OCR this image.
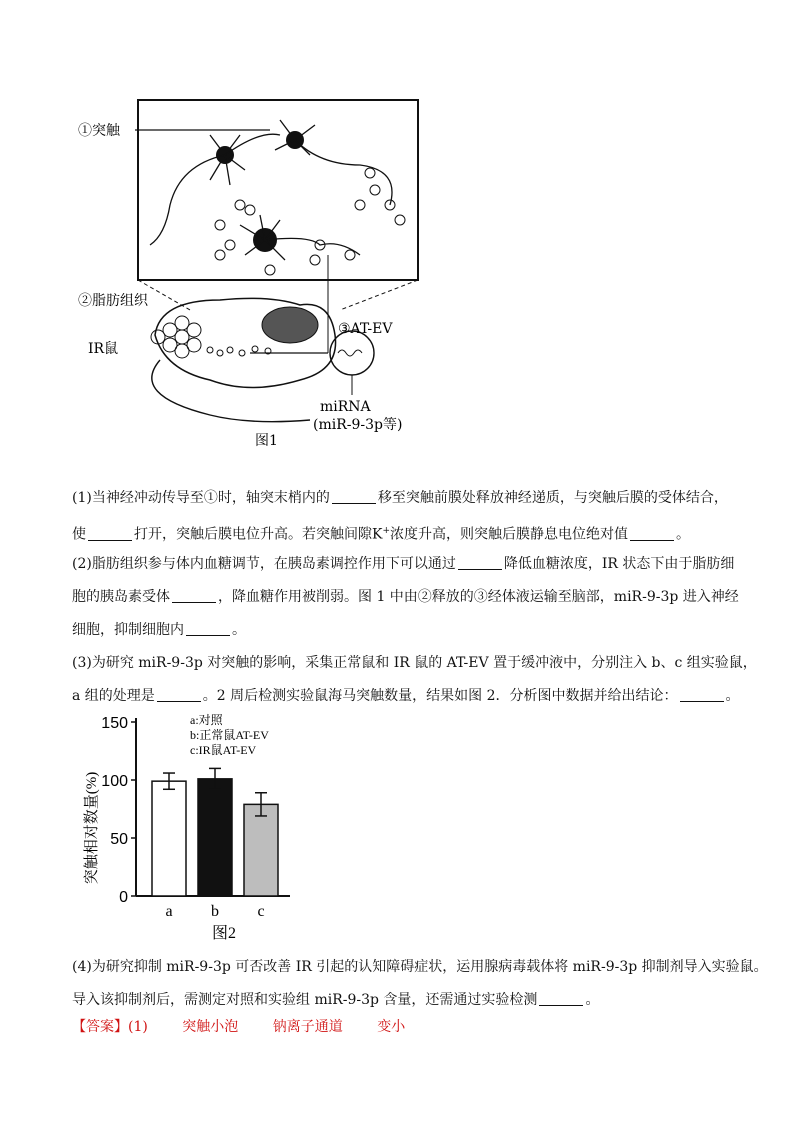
①突触
②脂肪组织
③AT-EV
IR鼠
miRNA
(miR-9-3p等)
图1
(1)当神经冲动传导至①时，轴突末梢内的	移至突触前膜处释放神经递质，与突触后膜的受体结合，
使	打开，突触后膜电位升高。若突触间隙K+浓度升高，则突触后膜静息电位绝对值	。
(2)脂肪组织参与体内血糖调节，在胰岛素调控作用下可以通过	降低血糖浓度，IR 状态下由于脂肪细
胞的胰岛素受体	，降血糖作用被削弱。图 1 中由②释放的③经体液运输至脑部，miR-9-3p 进入神经
细胞，抑制细胞内	。
(3)为研究 miR-9-3p 对突触的影响，采集正常鼠和 IR 鼠的 AT-EV 置于缓冲液中，分别注入 b、c 组实验鼠，
a 组的处理是	。2 周后检测实验鼠海马突触数量，结果如图 2．分析图中数据并给出结论：	。
突触相对数量(%)
0
50
100
150
a b c
a:对照
b:正常鼠AT-EV
c:IR鼠AT-EV
图2
(4)为研究抑制 miR-9-3p 可否改善 IR 引起的认知障碍症状，运用腺病毒载体将 miR-9-3p 抑制剂导入实验鼠。
导入该抑制剂后，需测定对照和实验组 miR-9-3p 含量，还需通过实验检测	。
【答案】(1) 突触小泡 钠离子通道 变小
